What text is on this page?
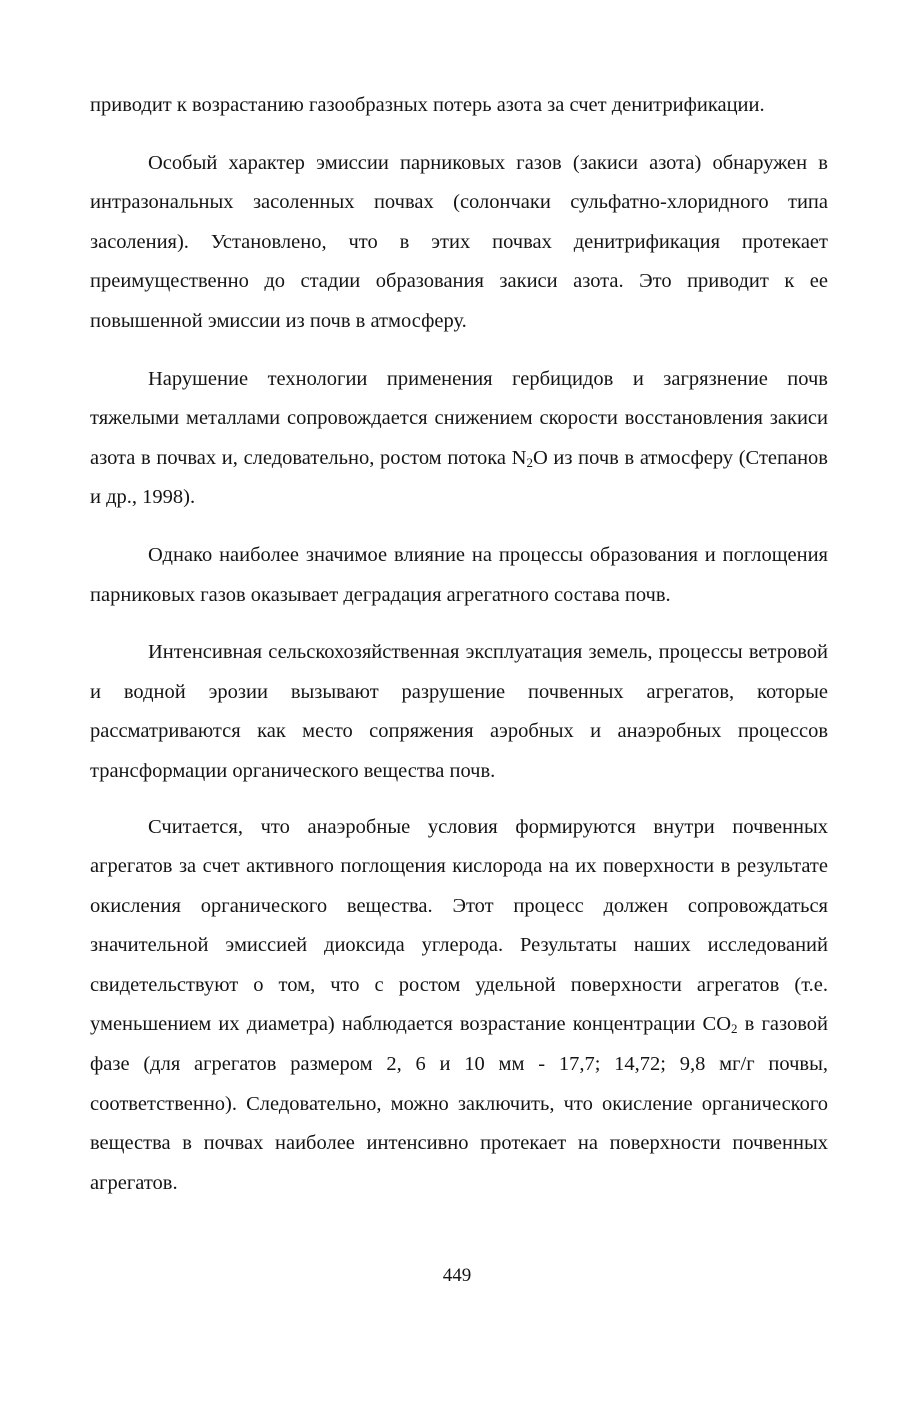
приводит к возрастанию газообразных потерь азота за счет денитрификации.

Особый характер эмиссии парниковых газов (закиси азота) обнаружен в интразональных засоленных почвах (солончаки сульфатно-хлоридного типа засоления). Установлено, что в этих почвах денитрификация протекает преимущественно до стадии образования закиси азота. Это приводит к ее повышенной эмиссии из почв в атмосферу.

Нарушение технологии применения гербицидов и загрязнение почв тяжелыми металлами сопровождается снижением скорости восстановления закиси азота в почвах и, следовательно, ростом потока $N_2O$ из почв в атмосферу (Степанов и др., 1998).

Однако наиболее значимое влияние на процессы образования и поглощения парниковых газов оказывает деградация агрегатного состава почв.

Интенсивная сельскохозяйственная эксплуатация земель, процессы ветровой и водной эрозии вызывают разрушение почвенных агрегатов, которые рассматриваются как место сопряжения аэробных и анаэробных процессов трансформации органического вещества почв.

Считается, что анаэробные условия формируются внутри почвенных агрегатов за счет активного поглощения кислорода на их поверхности в результате окисления органического вещества. Этот процесс должен сопровождаться значительной эмиссией диоксида углерода. Результаты наших исследований свидетельствуют о том, что с ростом удельной поверхности агрегатов (т.е. уменьшением их диаметра) наблюдается возрастание концентрации $CO_2$ в газовой фазе (для агрегатов размером 2, 6 и 10 мм - 17,7; 14,72; 9,8 мг/г почвы, соответственно). Следовательно, можно заключить, что окисление органического вещества в почвах наиболее интенсивно протекает на поверхности почвенных агрегатов.

449
